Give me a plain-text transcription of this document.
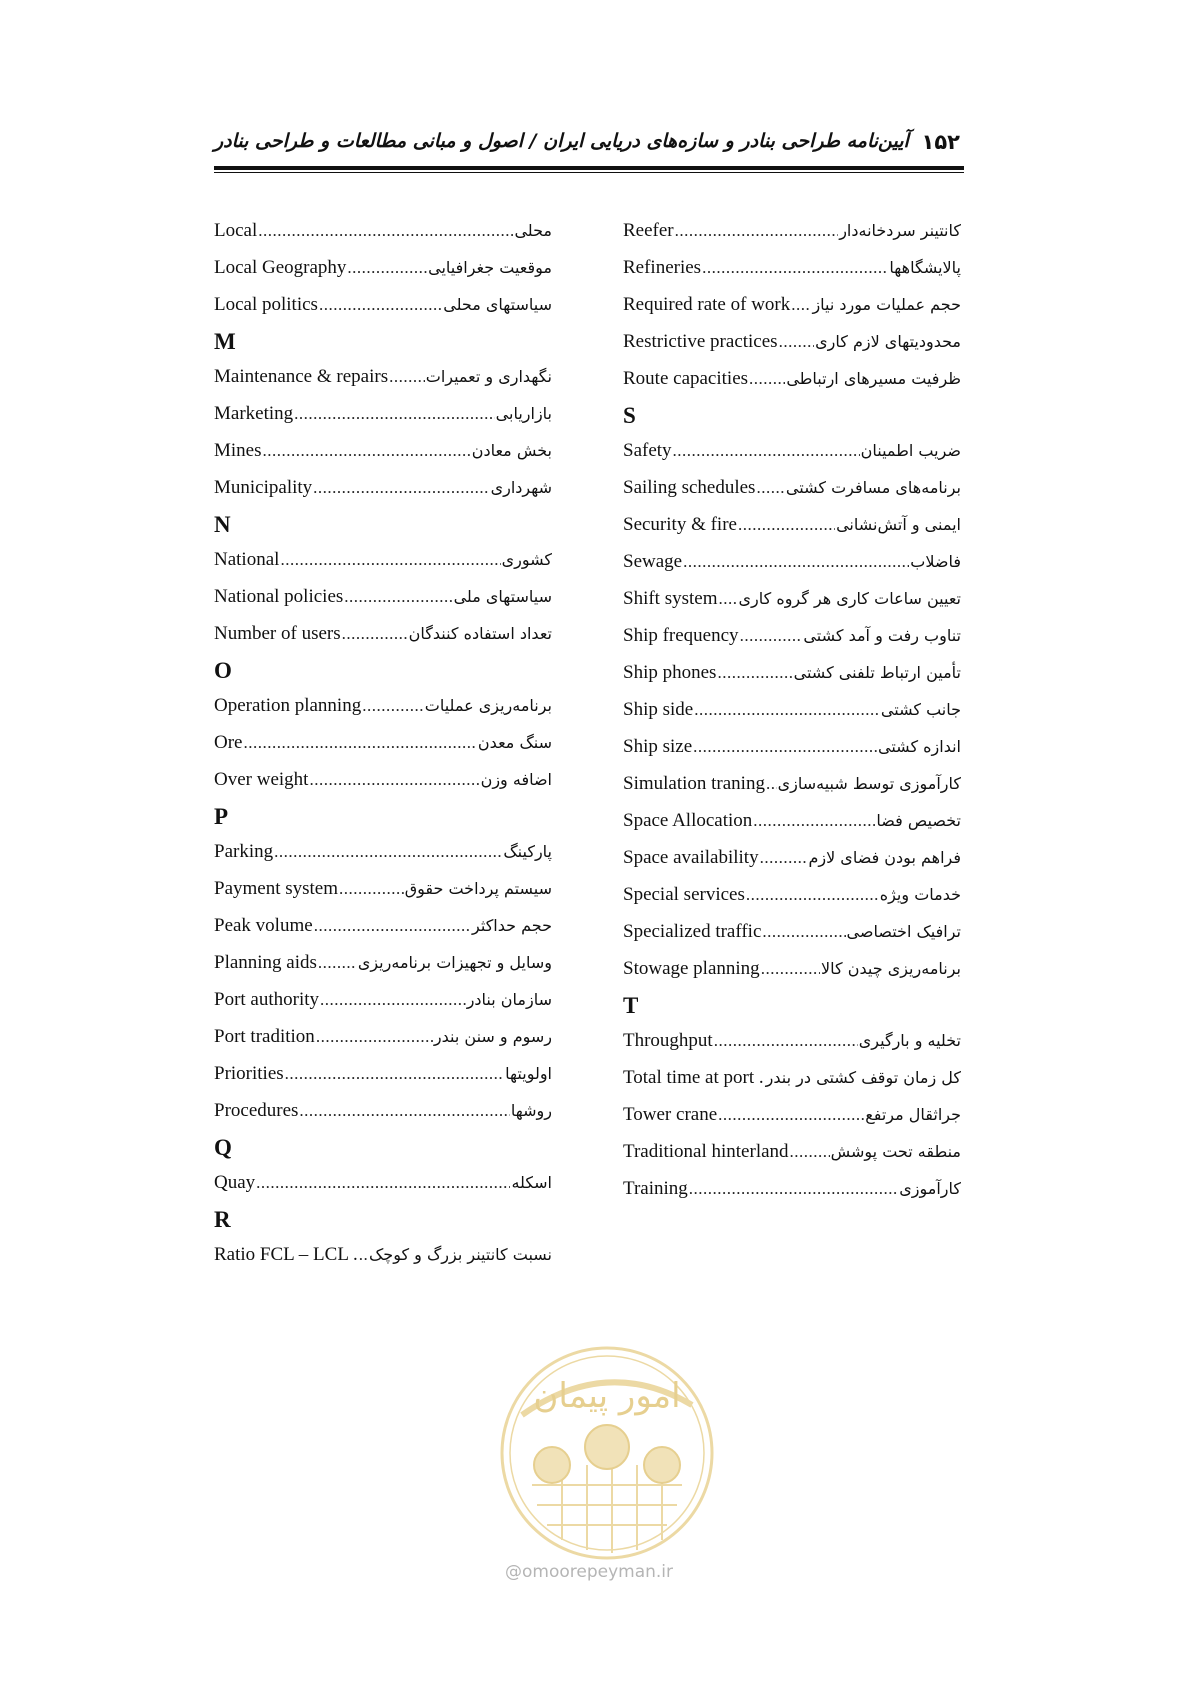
۱۵۲
آیین‌نامه طراحی بنادر و سازه‌های دریایی ایران / اصول و مبانی مطالعات و طراحی بنادر
Local .....	محلی
Local Geography .....	موقعیت جغرافیایی
Local politics .....	سیاستهای محلی
M
Maintenance & repairs ..... نگهداری و تعمیرات
Marketing .....	بازاریابی
Mines .....	بخش معادن
Municipality .....	شهرداری
N
National .....	کشوری
National policies .....	سیاستهای ملی
Number of users .....	تعداد استفاده کنندگان
O
Operation planning .....	برنامه‌ریزی عملیات
Ore .....	سنگ معدن
Over weight .....	اضافه وزن
P
Parking .....	پارکینگ
Payment system .....	سیستم پرداخت حقوق
Peak volume .....	حجم حداکثر
Planning aids .....	وسایل و تجهیزات برنامه‌ریزی
Port authority .....	سازمان بنادر
Port tradition .....	رسوم و سنن بندر
Priorities .....	اولویتها
Procedures .....	روشها
Q
Quay .....	اسکله
R
Ratio FCL – LCL . ..... نسبت کانتینر بزرگ و کوچک
Reefer .....	کانتینر سردخانه‌دار
Refineries .....	پالایشگاهها
Required rate of work ..... حجم عملیات مورد نیاز
Restrictive practices ..... محدودیتهای لازم کاری
Route capacities ..... ظرفیت مسیرهای ارتباطی
S
Safety .....	ضریب اطمینان
Sailing schedules ..... برنامه‌های مسافرت کشتی
Security & fire .....	ایمنی و آتش‌نشانی
Sewage .....	فاضلاب
Shift system ..... تعیین ساعات کاری هر گروه کاری
Ship frequency .....	تناوب رفت و آمد کشتی
Ship phones .....	تأمین ارتباط تلفنی کشتی
Ship side .....	جانب کشتی
Ship size .....	اندازه کشتی
Simulation traning ..... کارآموزی توسط شبیه‌سازی
Space Allocation .....	تخصیص فضا
Space availability .....	فراهم بودن فضای لازم
Special services .....	خدمات ویژه
Specialized traffic .....	ترافیک اختصاصی
Stowage planning .....	برنامه‌ریزی چیدن کالا
T
Throughput .....	تخلیه و بارگیری
Total time at port . ..... کل زمان توقف کشتی در بندر
Tower crane .....	جراثقال مرتفع
Traditional hinterland .....	منطقه تحت پوشش
Training .....	کارآموزی
امور پیمان
@omoorepeyman.ir
